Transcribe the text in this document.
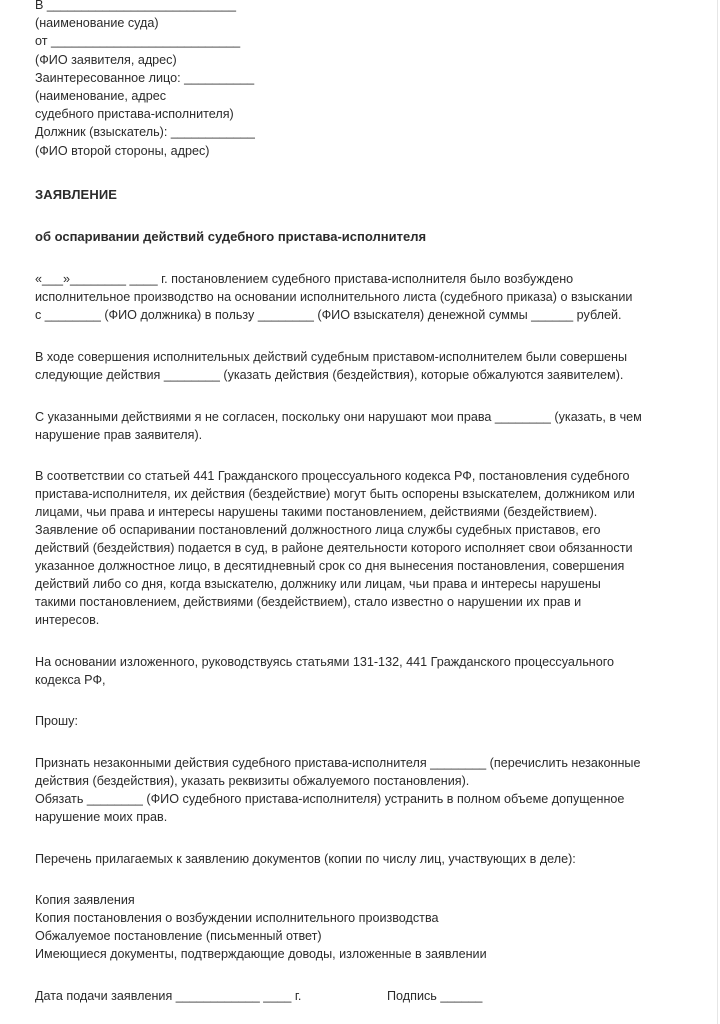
В ___________________________
(наименование суда)
от ___________________________
(ФИО заявителя, адрес)
Заинтересованное лицо: __________
(наименование, адрес
судебного пристава-исполнителя)
Должник (взыскатель): ____________
(ФИО второй стороны, адрес)
ЗАЯВЛЕНИЕ
об оспаривании действий судебного пристава-исполнителя
«___»________ ____ г. постановлением судебного пристава-исполнителя было возбуждено
исполнительное производство на основании исполнительного листа (судебного приказа) о взыскании
с ________ (ФИО должника) в пользу ________ (ФИО взыскателя) денежной суммы ______ рублей.
В ходе совершения исполнительных действий судебным приставом-исполнителем были совершены
следующие действия ________ (указать действия (бездействия), которые обжалуются заявителем).
С указанными действиями я не согласен, поскольку они нарушают мои права ________ (указать, в чем
нарушение прав заявителя).
В соответствии со статьей 441 Гражданского процессуального кодекса РФ, постановления судебного
пристава-исполнителя, их действия (бездействие) могут быть оспорены взыскателем, должником или
лицами, чьи права и интересы нарушены такими постановлением, действиями (бездействием).
Заявление об оспаривании постановлений должностного лица службы судебных приставов, его
действий (бездействия) подается в суд, в районе деятельности которого исполняет свои обязанности
указанное должностное лицо, в десятидневный срок со дня вынесения постановления, совершения
действий либо со дня, когда взыскателю, должнику или лицам, чьи права и интересы нарушены
такими постановлением, действиями (бездействием), стало известно о нарушении их прав и
интересов.
На основании изложенного, руководствуясь статьями 131-132, 441 Гражданского процессуального
кодекса РФ,
Прошу:
Признать незаконными действия судебного пристава-исполнителя ________ (перечислить незаконные
действия (бездействия), указать реквизиты обжалуемого постановления).
Обязать ________ (ФИО судебного пристава-исполнителя) устранить в полном объеме допущенное
нарушение моих прав.
Перечень прилагаемых к заявлению документов (копии по числу лиц, участвующих в деле):
Копия заявления
Копия постановления о возбуждении исполнительного производства
Обжалуемое постановление (письменный ответ)
Имеющиеся документы, подтверждающие доводы, изложенные в заявлении
Дата подачи заявления ____________ ____ г.	Подпись ______
